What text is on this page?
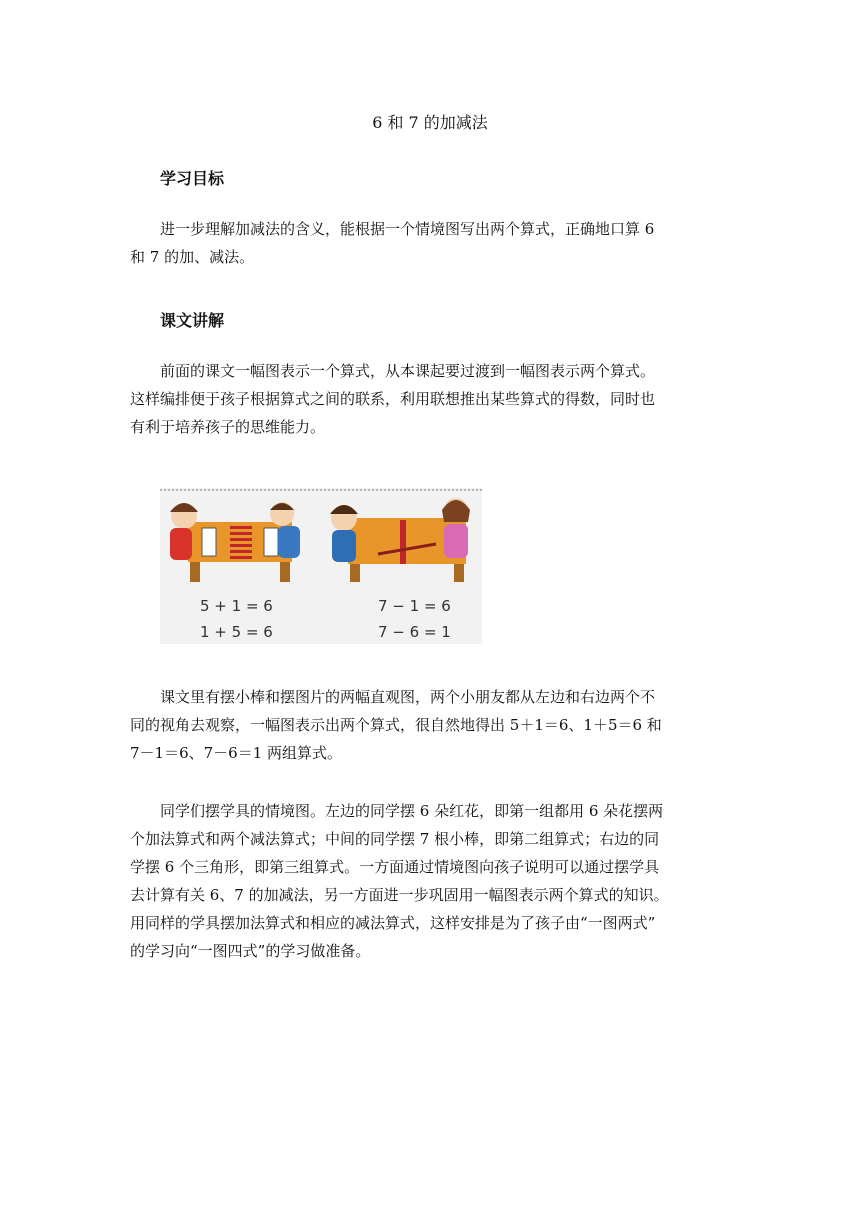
6 和 7 的加减法
学习目标
进一步理解加减法的含义，能根据一个情境图写出两个算式，正确地口算 6
和 7 的加、减法。
课文讲解
前面的课文一幅图表示一个算式，从本课起要过渡到一幅图表示两个算式。
这样编排便于孩子根据算式之间的联系，利用联想推出某些算式的得数，同时也
有利于培养孩子的思维能力。
5 + 1 = 6
1 + 5 = 6
7 − 1 = 6
7 − 6 = 1
课文里有摆小棒和摆图片的两幅直观图，两个小朋友都从左边和右边两个不
同的视角去观察，一幅图表示出两个算式，很自然地得出 5＋1＝6、1＋5＝6 和
7－1＝6、7－6＝1 两组算式。
同学们摆学具的情境图。左边的同学摆 6 朵红花，即第一组都用 6 朵花摆两
个加法算式和两个减法算式；中间的同学摆 7 根小棒，即第二组算式；右边的同
学摆 6 个三角形，即第三组算式。一方面通过情境图向孩子说明可以通过摆学具
去计算有关 6、7 的加减法，另一方面进一步巩固用一幅图表示两个算式的知识。
用同样的学具摆加法算式和相应的减法算式，这样安排是为了孩子由“一图两式”
的学习向“一图四式”的学习做准备。
